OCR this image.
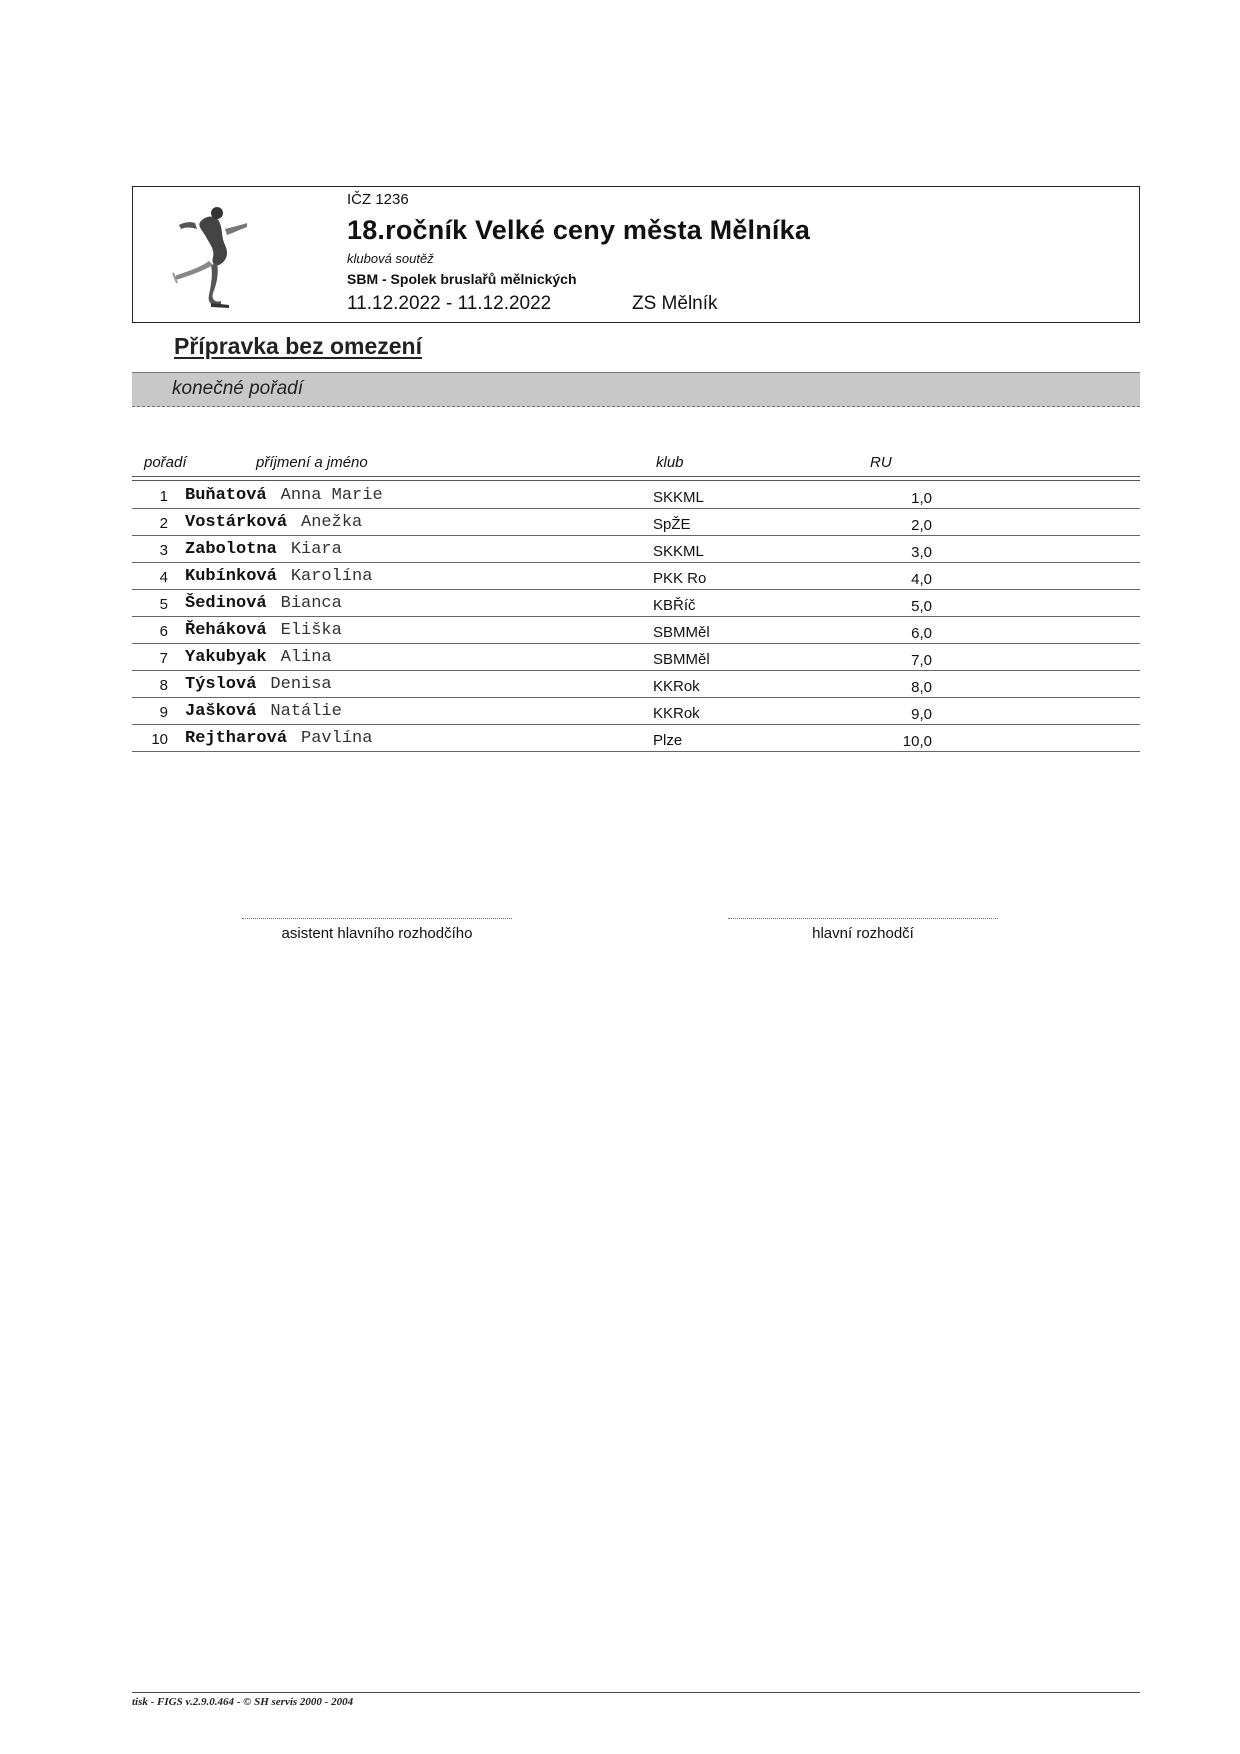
IČZ 1236
18.ročník Velké ceny města Mělníka
klubová soutěž
SBM - Spolek bruslařů mělnických
11.12.2022 - 11.12.2022	ZS Mělník
Přípravka bez omezení
konečné pořadí
pořadí	příjmení a jméno	klub	RU
1 Buňatová Anna Marie	SKKML	1,0
2 Vostárková Anežka	SpŽE	2,0
3 Zabolotna Kiara	SKKML	3,0
4 Kubínková Karolína	PKK Ro	4,0
5 Šedinová Bianca	KBŘíč	5,0
6 Řeháková Eliška	SBMMěl	6,0
7 Yakubyak Alina	SBMMěl	7,0
8 Týslová Denisa	KKRok	8,0
9 Jašková Natálie	KKRok	9,0
10 Rejtharová Pavlína	Plze	10,0
asistent hlavního rozhodčího	hlavní rozhodčí
tisk - FIGS v.2.9.0.464 - © SH servis 2000 - 2004
